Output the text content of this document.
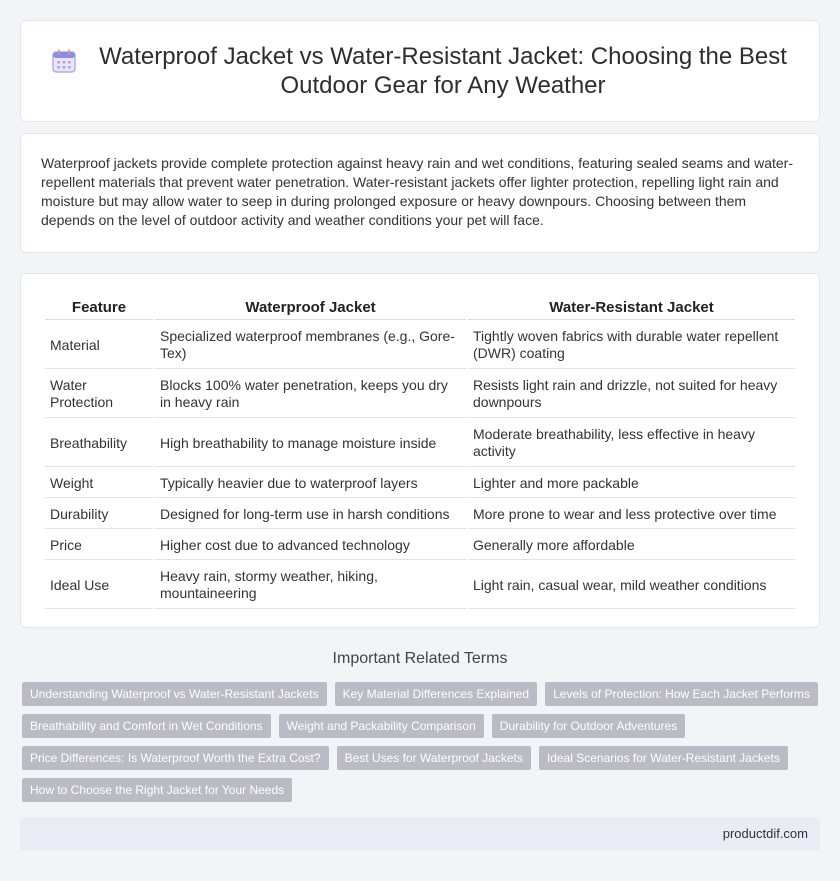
Waterproof Jacket vs Water-Resistant Jacket: Choosing the Best Outdoor Gear for Any Weather

Waterproof jackets provide complete protection against heavy rain and wet conditions, featuring sealed seams and water-repellent materials that prevent water penetration. Water-resistant jackets offer lighter protection, repelling light rain and moisture but may allow water to seep in during prolonged exposure or heavy downpours. Choosing between them depends on the level of outdoor activity and weather conditions your pet will face.

Feature	Waterproof Jacket	Water-Resistant Jacket
Material	Specialized waterproof membranes (e.g., Gore-Tex)	Tightly woven fabrics with durable water repellent (DWR) coating
Water Protection	Blocks 100% water penetration, keeps you dry in heavy rain	Resists light rain and drizzle, not suited for heavy downpours
Breathability	High breathability to manage moisture inside	Moderate breathability, less effective in heavy activity
Weight	Typically heavier due to waterproof layers	Lighter and more packable
Durability	Designed for long-term use in harsh conditions	More prone to wear and less protective over time
Price	Higher cost due to advanced technology	Generally more affordable
Ideal Use	Heavy rain, stormy weather, hiking, mountaineering	Light rain, casual wear, mild weather conditions
Important Related Terms
Understanding Waterproof vs Water-Resistant Jackets	Key Material Differences Explained	Levels of Protection: How Each Jacket Performs
Breathability and Comfort in Wet Conditions	Weight and Packability Comparison	Durability for Outdoor Adventures
Price Differences: Is Waterproof Worth the Extra Cost?	Best Uses for Waterproof Jackets	Ideal Scenarios for Water-Resistant Jackets
How to Choose the Right Jacket for Your Needs
productdif.com
